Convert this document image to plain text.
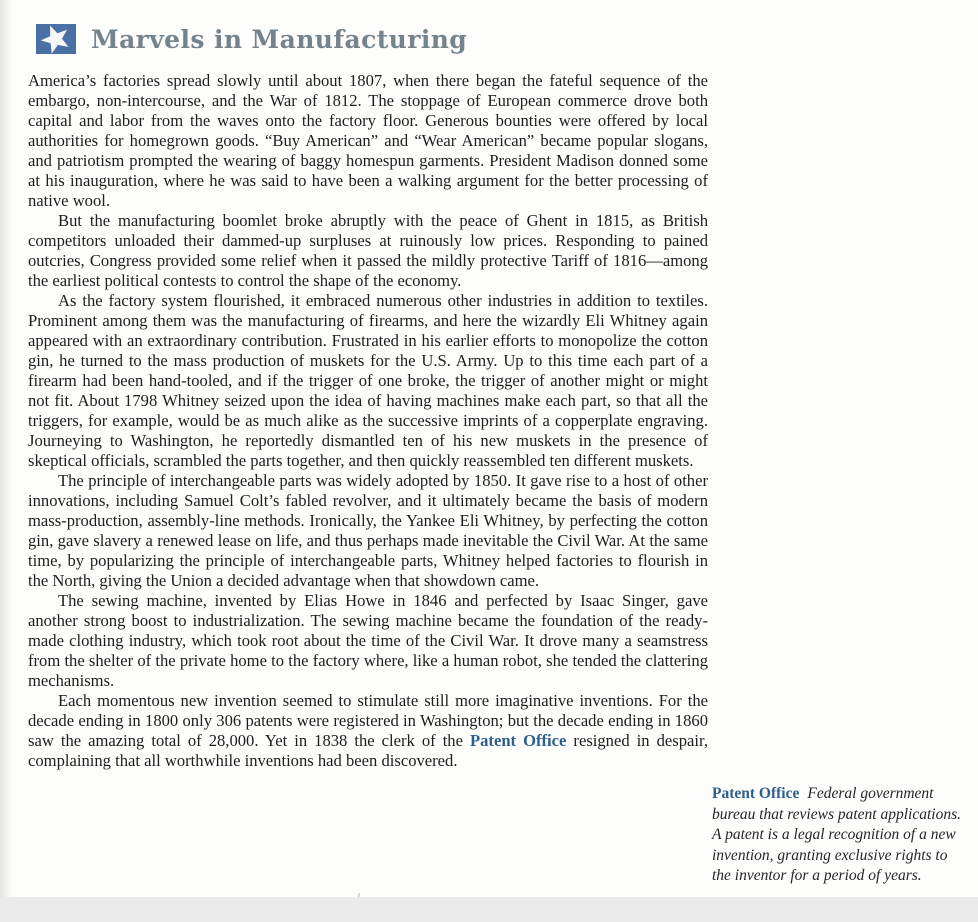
Marvels in Manufacturing

America’s factories spread slowly until about 1807, when there began the fateful sequence of the embargo, non-intercourse, and the War of 1812. The stoppage of European commerce drove both capital and labor from the waves onto the factory floor. Generous bounties were offered by local authorities for homegrown goods. “Buy American” and “Wear American” became popular slogans, and patriotism prompted the wearing of baggy homespun garments. President Madison donned some at his inauguration, where he was said to have been a walking argument for the better processing of native wool.

But the manufacturing boomlet broke abruptly with the peace of Ghent in 1815, as British competitors unloaded their dammed-up surpluses at ruinously low prices. Responding to pained outcries, Congress provided some relief when it passed the mildly protective Tariff of 1816—among the earliest political contests to control the shape of the economy.

As the factory system flourished, it embraced numerous other industries in addition to textiles. Prominent among them was the manufacturing of firearms, and here the wizardly Eli Whitney again appeared with an extraordinary contribution. Frustrated in his earlier efforts to monopolize the cotton gin, he turned to the mass production of muskets for the U.S. Army. Up to this time each part of a firearm had been hand-tooled, and if the trigger of one broke, the trigger of another might or might not fit. About 1798 Whitney seized upon the idea of having machines make each part, so that all the triggers, for example, would be as much alike as the successive imprints of a copperplate engraving. Journeying to Washington, he reportedly dismantled ten of his new muskets in the presence of skeptical officials, scrambled the parts together, and then quickly reassembled ten different muskets.

The principle of interchangeable parts was widely adopted by 1850. It gave rise to a host of other innovations, including Samuel Colt’s fabled revolver, and it ultimately became the basis of modern mass-production, assembly-line methods. Ironically, the Yankee Eli Whitney, by perfecting the cotton gin, gave slavery a renewed lease on life, and thus perhaps made inevitable the Civil War. At the same time, by popularizing the principle of interchangeable parts, Whitney helped factories to flourish in the North, giving the Union a decided advantage when that showdown came.

The sewing machine, invented by Elias Howe in 1846 and perfected by Isaac Singer, gave another strong boost to industrialization. The sewing machine became the foundation of the ready-made clothing industry, which took root about the time of the Civil War. It drove many a seamstress from the shelter of the private home to the factory where, like a human robot, she tended the clattering mechanisms.

Each momentous new invention seemed to stimulate still more imaginative inventions. For the decade ending in 1800 only 306 patents were registered in Washington; but the decade ending in 1860 saw the amazing total of 28,000. Yet in 1838 the clerk of the Patent Office resigned in despair, complaining that all worthwhile inventions had been discovered.

Patent Office Federal government bureau that reviews patent applications. A patent is a legal recognition of a new invention, granting exclusive rights to the inventor for a period of years.
